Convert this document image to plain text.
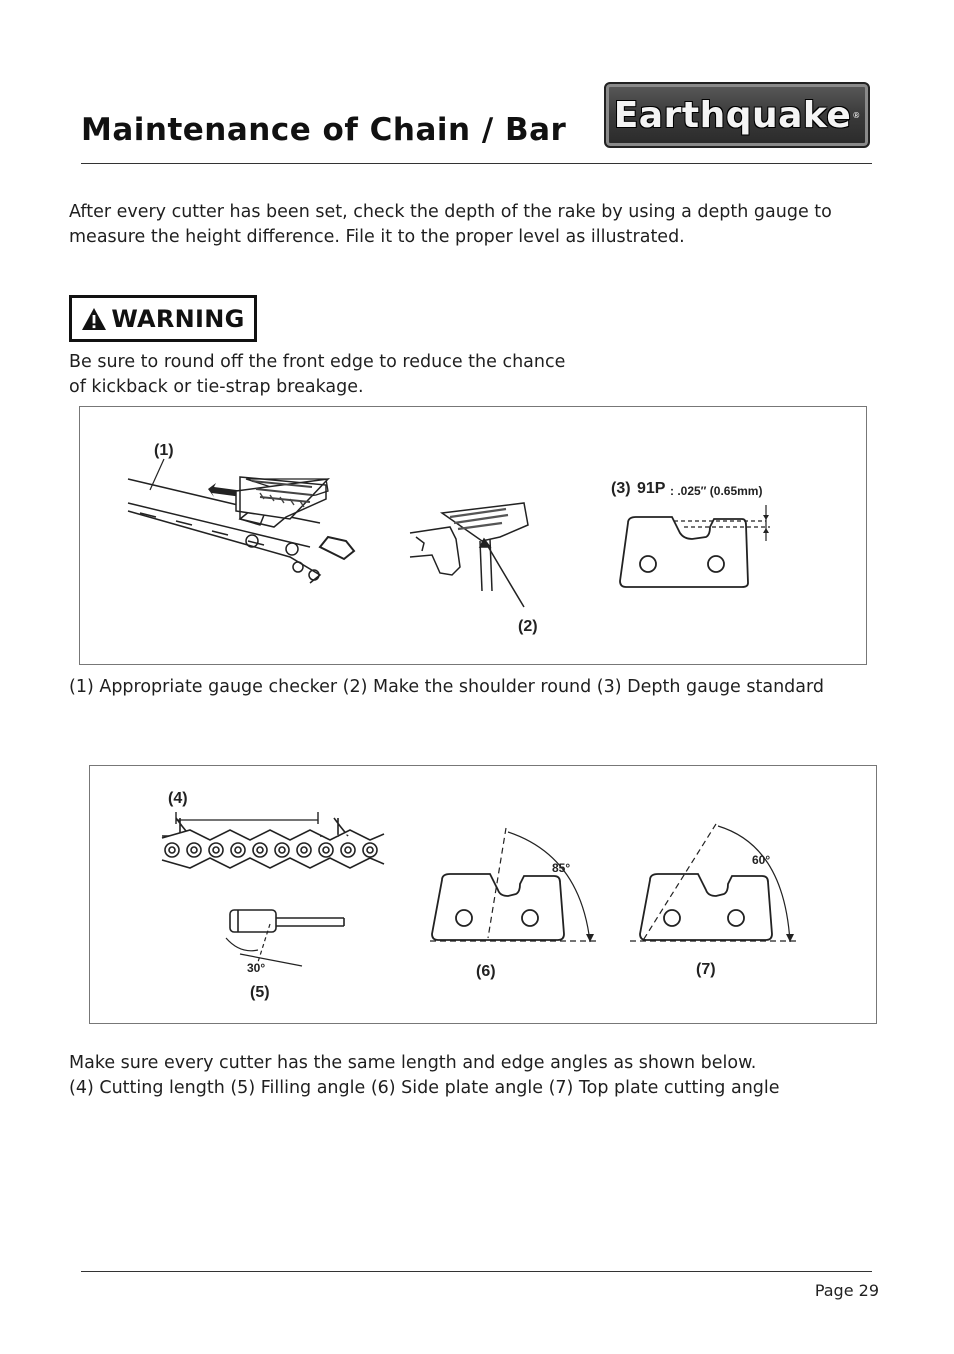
Maintenance of Chain / Bar Earthquake ®
After every cutter has been set, check the depth of the rake by using a depth gauge to
measure the height difference. File it to the proper level as illustrated.
WARNING
Be sure to round off the front edge to reduce the chance
of kickback or tie-strap breakage.
(1)
(2)
(3) 91P : .025″ (0.65mm)
(1) Appropriate gauge checker (2) Make the shoulder round (3) Depth gauge standard
(4)
30°
(5)
85°
(6)
60°
(7)
Make sure every cutter has the same length and edge angles as shown below.
(4) Cutting length (5) Filling angle (6) Side plate angle (7) Top plate cutting angle
Page 29
